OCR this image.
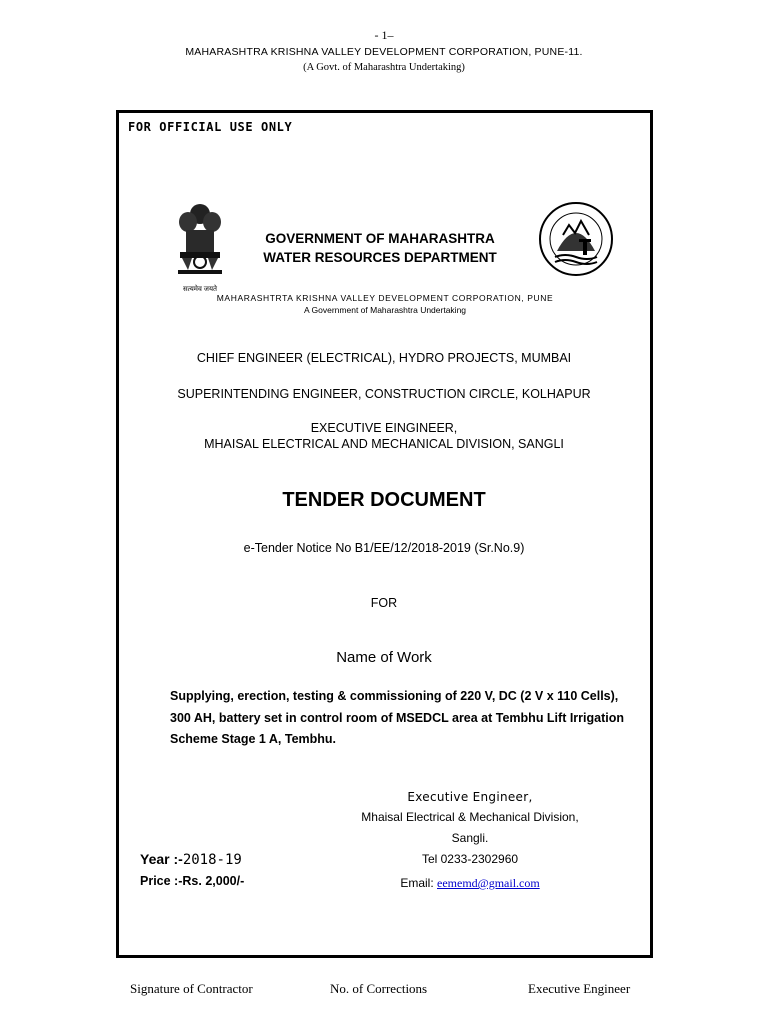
- 1–
MAHARASHTRA KRISHNA VALLEY DEVELOPMENT CORPORATION, PUNE-11.
(A Govt. of Maharashtra Undertaking)
FOR OFFICIAL USE ONLY
सत्यमेव जयते
GOVERNMENT OF MAHARASHTRA
WATER RESOURCES DEPARTMENT
MAHARASHTRTA KRISHNA VALLEY DEVELOPMENT CORPORATION, PUNE
A Government of Maharashtra Undertaking
CHIEF ENGINEER (ELECTRICAL), HYDRO PROJECTS, MUMBAI
SUPERINTENDING ENGINEER, CONSTRUCTION CIRCLE, KOLHAPUR
EXECUTIVE EINGINEER,
MHAISAL ELECTRICAL AND MECHANICAL DIVISION, SANGLI
TENDER DOCUMENT
e-Tender Notice No B1/EE/12/2018-2019 (Sr.No.9)
FOR
Name of Work
Supplying, erection, testing & commissioning of 220 V, DC (2 V x 110 Cells), 300 AH, battery set in control room of MSEDCL area at Tembhu Lift Irrigation Scheme Stage 1 A, Tembhu.
Executive Engineer,
Mhaisal Electrical & Mechanical Division,
Sangli.
Tel 0233-2302960
Email: eememd@gmail.com
Year :-2018-19
Price :-Rs. 2,000/-
Signature of Contractor	No. of Corrections	Executive Engineer
